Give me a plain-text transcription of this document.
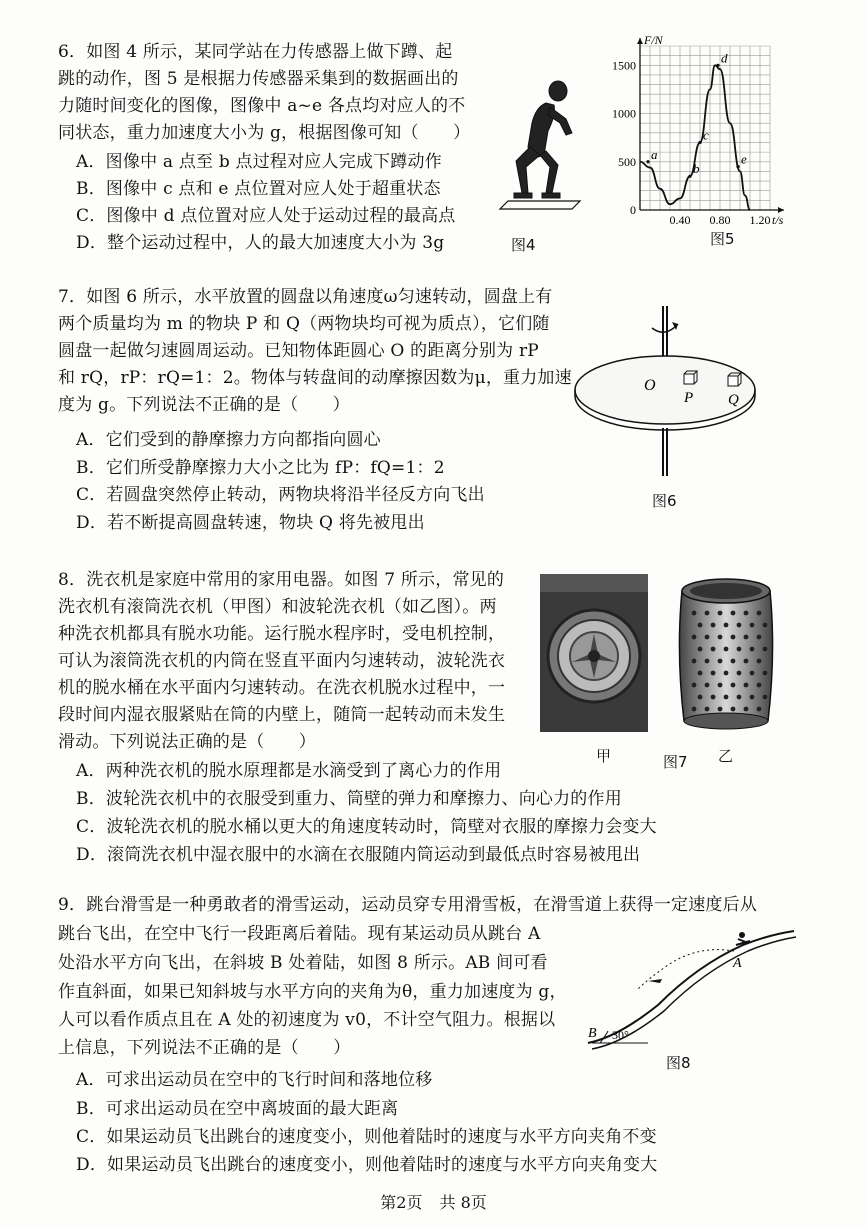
6．如图 4 所示，某同学站在力传感器上做下蹲、起
跳的动作，图 5 是根据力传感器采集到的数据画出的
力随时间变化的图像，图像中 a~e 各点均对应人的不
同状态，重力加速度大小为 g，根据图像可知（　　）
A．图像中 a 点至 b 点过程对应人完成下蹲动作
B．图像中 c 点和 e 点位置对应人处于超重状态
C．图像中 d 点位置对应人处于运动过程的最高点
D．整个运动过程中，人的最大加速度大小为 3g	图4
F/N
t/s
0
500
1000
1500
0.40 0.80 1.20
a
b
c
d
e
图5
7．如图 6 所示，水平放置的圆盘以角速度ω匀速转动，圆盘上有
两个质量均为 m 的物块 P 和 Q（两物块均可视为质点），它们随
圆盘一起做匀速圆周运动。已知物体距圆心 O 的距离分别为 rP
和 rQ，rP：rQ=1：2。物体与转盘间的动摩擦因数为μ，重力加速
度为 g。下列说法不正确的是（　　）
A．它们受到的静摩擦力方向都指向圆心
B．它们所受静摩擦力大小之比为 fP：fQ=1：2
C．若圆盘突然停止转动，两物块将沿半径反方向飞出
D．若不断提高圆盘转速，物块 Q 将先被甩出
O
P Q
图6
8．洗衣机是家庭中常用的家用电器。如图 7 所示，常见的
洗衣机有滚筒洗衣机（甲图）和波轮洗衣机（如乙图）。两
种洗衣机都具有脱水功能。运行脱水程序时，受电机控制，
可认为滚筒洗衣机的内筒在竖直平面内匀速转动，波轮洗衣
机的脱水桶在水平面内匀速转动。在洗衣机脱水过程中，一
段时间内湿衣服紧贴在筒的内壁上，随筒一起转动而未发生
滑动。下列说法正确的是（　　）
A．两种洗衣机的脱水原理都是水滴受到了离心力的作用
B．波轮洗衣机中的衣服受到重力、筒壁的弹力和摩擦力、向心力的作用
C．波轮洗衣机的脱水桶以更大的角速度转动时，筒壁对衣服的摩擦力会变大
D．滚筒洗衣机中湿衣服中的水滴在衣服随内筒运动到最低点时容易被甩出
甲	图7 乙
9．跳台滑雪是一种勇敢者的滑雪运动，运动员穿专用滑雪板，在滑雪道上获得一定速度后从
跳台飞出，在空中飞行一段距离后着陆。现有某运动员从跳台 A
处沿水平方向飞出，在斜坡 B 处着陆，如图 8 所示。AB 间可看
作直斜面，如果已知斜坡与水平方向的夹角为θ，重力加速度为 g，
人可以看作质点且在 A 处的初速度为 v0，不计空气阻力。根据以
上信息，下列说法不正确的是（　　）
A．可求出运动员在空中的飞行时间和落地位移
B．可求出运动员在空中离坡面的最大距离
C．如果运动员飞出跳台的速度变小，则他着陆时的速度与水平方向夹角不变
D．如果运动员飞出跳台的速度变小，则他着陆时的速度与水平方向夹角变大
A
B 30°
图8
第2页 共 8页
